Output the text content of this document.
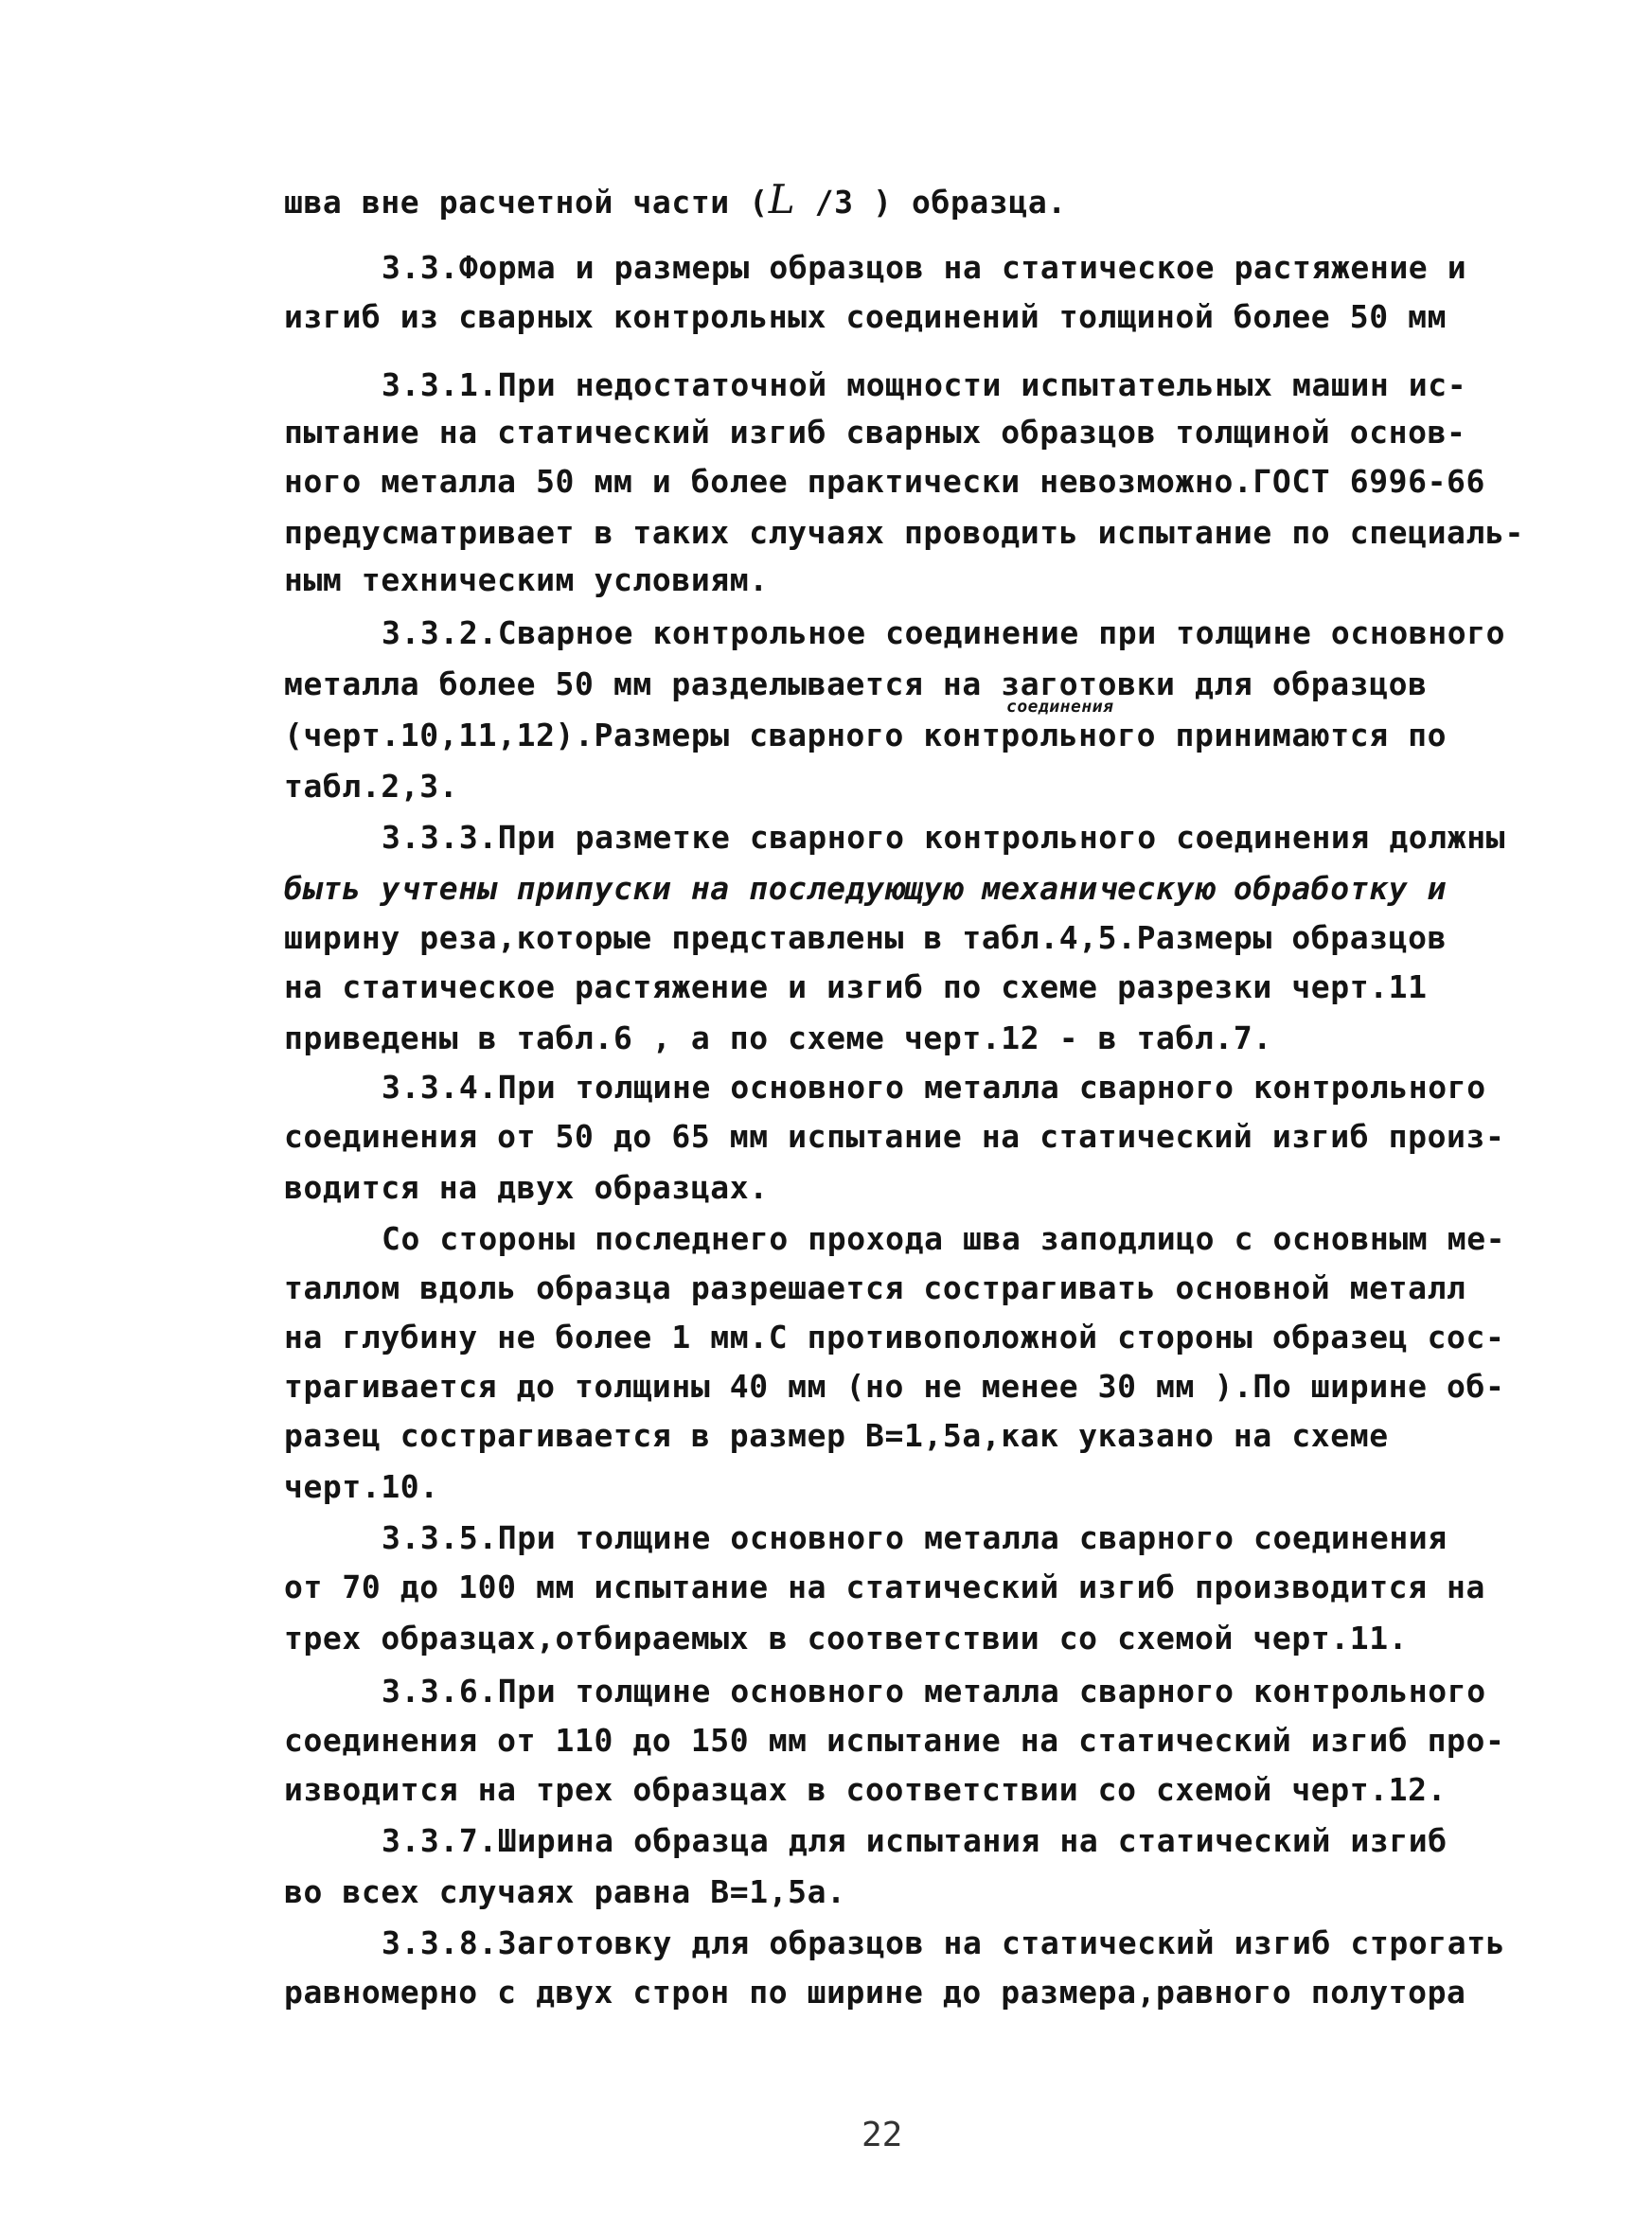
шва вне расчетной части (L /3 ) образца.
3.3.Форма и размеры образцов на статическое растяжение и
изгиб из сварных контрольных соединений толщиной более 50 мм
3.3.1.При недостаточной мощности испытательных машин ис-
пытание на статический изгиб сварных образцов толщиной основ-
ного металла 50 мм и более практически невозможно.ГОСТ 6996-66
предусматривает в таких случаях проводить испытание по специаль-
ным техническим условиям.
3.3.2.Сварное контрольное соединение при толщине основного
металла более 50 мм разделывается на заготовки для образцов
соединения
(черт.10,11,12).Размеры сварного контрольного принимаются по
табл.2,3.
3.3.3.При разметке сварного контрольного соединения должны
быть учтены припуски на последующую механическую обработку и
ширину реза,которые представлены в табл.4,5.Размеры образцов
на статическое растяжение и изгиб по схеме разрезки черт.11
приведены в табл.6 , а по схеме черт.12 - в табл.7.
3.3.4.При толщине основного металла сварного контрольного
соединения от 50 до 65 мм испытание на статический изгиб произ-
водится на двух образцах.
Со стороны последнего прохода шва заподлицо с основным ме-
таллом вдоль образца разрешается сострагивать основной металл
на глубину не более 1 мм.С противоположной стороны образец сос-
трагивается до толщины 40 мм (но не менее 30 мм ).По ширине об-
разец сострагивается в размер В=1,5а,как указано на схеме
черт.10.
3.3.5.При толщине основного металла сварного соединения
от 70 до 100 мм испытание на статический изгиб производится на
трех образцах,отбираемых в соответствии со схемой черт.11.
3.3.6.При толщине основного металла сварного контрольного
соединения от 110 до 150 мм испытание на статический изгиб про-
изводится на трех образцах в соответствии со схемой черт.12.
3.3.7.Ширина образца для испытания на статический изгиб
во всех случаях равна В=1,5а.
3.3.8.Заготовку для образцов на статический изгиб строгать
равномерно с двух строн по ширине до размера,равного полутора
22
